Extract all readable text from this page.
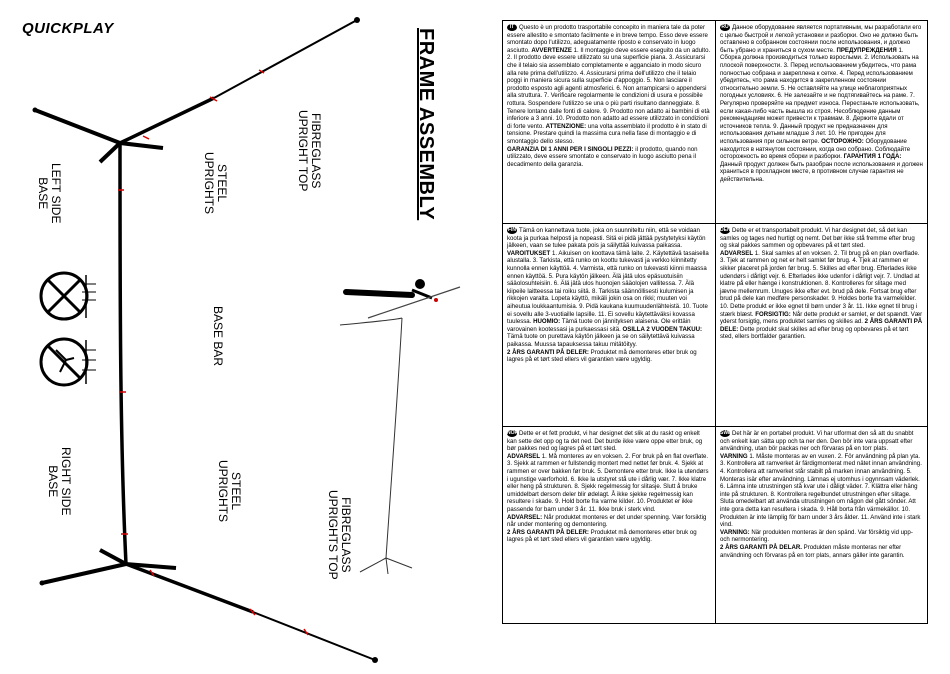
QUICKPLAY	FRAME ASSEMBLY
FIBREGLASS
UPRIGHT TOP
STEEL
UPRIGHTS
LEFT SIDE
BASE
BASE BAR
RIGHT SIDE
BASE	STEEL
UPRIGHTS
FIBREGLASS
UPRIGHTS TOP
IT Questo è un prodotto trasportabile concepito in maniera tale da poter essere allestito e smontato facilmente e in breve tempo. Esso deve essere smontato dopo l'utilizzo, adeguatamente riposto e conservato in luogo asciutto. AVVERTENZE 1. Il montaggio deve essere eseguito da un adulto. 2. Il prodotto deve essere utilizzato su una superficie piana. 3. Assicurarsi che il telaio sia assemblato completamente e agganciato in modo sicuro alla rete prima dell'utilizzo. 4. Assicurarsi prima dell'utilizzo che il telaio poggi in maniera sicura sulla superficie d'appoggio. 5. Non lasciare il prodotto esposto agli agenti atmosferici. 6. Non arrampicarsi o appendersi alla struttura. 7. Verificare regolarmente le condizioni di usura e possibile rottura. Sospendere l'utilizzo se una o più parti risultano danneggiate. 8. Tenere lontano dalle fonti di calore. 9. Prodotto non adatto ai bambini di età inferiore a 3 anni. 10. Prodotto non adatto ad essere utilizzato in condizioni di forte vento. ATTENZIONE: una volta assemblato il prodotto è in stato di tensione. Prestare quindi la massima cura nella fase di montaggio e di smontaggio dello stesso.
GARANZIA DI 1 ANNI PER I SINGOLI PEZZI: il prodotto, quando non utilizzato, deve essere smontato e conservato in luogo asciutto pena il decadimento della garanzia.
RU Данное оборудование является портативным, мы разработали его с целью быстрой и легкой установки и разборки. Оно не должно быть оставлено в собранном состоянии после использования, и должно быть убрано и храниться в сухом месте. ПРЕДУПРЕЖДЕНИЯ 1. Сборка должна производиться только взрослыми. 2. Использовать на плоской поверхности. 3. Перед использованием убедитесь, что рама полностью собрана и закреплена к сетке. 4. Перед использованием убедитесь, что рама находится в закрепленном состоянии относительно земли. 5. Не оставляйте на улице неблагоприятных погодных условиях. 6. Не залезайте и не подтягивайтесь на раме. 7. Регулярно проверяйте на предмет износа. Перестаньте использовать, если какая-либо часть вышла из строя. Несоблюдение данным рекомендациям может привести к травмам. 8. Держите вдали от источников тепла. 9. Данный продукт не предназначен для использования детьми младше 3 лет. 10. Не пригоден для использования при сильном ветре. ОСТОРОЖНО: Оборудование находится в натянутом состоянии, когда оно собрано. Соблюдайте осторожность во время сборки и разборки. ГАРАНТИЯ 1 ГОДА: Данный продукт должен быть разобран после использования и должен храниться в прохладном месте, в противном случае гарантия не действительна.
FIN Tämä on kannettava tuote, joka on suunniteltu niin, että se voidaan koota ja purkaa helposti ja nopeasti. Sitä ei pidä jättää pystytetyksi käytön jälkeen, vaan se tulee pakata pois ja säilyttää kuivassa paikassa.
VAROITUKSET 1. Aikuisen on koottava tämä laite. 2. Käytettävä tasaisella alustalla. 3. Tarkista, että runko on koottu tukevasti ja verkko kiinnitetty kunnolla ennen käyttöä. 4. Varmista, että runko on tukevasti kiinni maassa ennen käyttöä. 5. Pura käytön jälkeen. Älä jätä ulos epäsuotuisiin sääolosuhteisiin. 6. Älä jätä ulos huonojen sääolojen vallitessa. 7. Älä kiipeile laitteessa tai roiku siitä. 8. Tarkista säännöllisesti kulumisen ja rikkojen varalta. Lopeta käyttö, mikäli jokin osa on rikki; muuten voi aiheutua loukkaantumisia. 9. Pidä kaukana kuumuudenlähteistä. 10. Tuote ei sovellu alle 3-vuotiaille lapsille. 11. Ei sovellu käytettäväksi kovassa tuulessa. HUOMIO: Tämä tuote on jännityksen alaisena. Ole erittäin varovainen kootessasi ja purkaessasi sitä. OSILLA 2 VUODEN TAKUU: Tämä tuote on purettava käytön jälkeen ja se on säilytettävä kuivassa paikassa. Muussa tapauksessa takuu mitätöityy.
2 ÅRS GARANTI PÅ DELER: Produktet må demonteres etter bruk og lagres på et tørt sted ellers vil garantien være ugyldig.
DENDette er et transportabelt produkt. Vi har designet det, så det kan samles og tages ned hurtigt og nemt. Det bør ikke stå fremme efter brug og skal pakkes sammen og opbevares på et tørt sted.
ADVARSEL 1. Skal samles af en voksen. 2. Til brug på en plan overflade. 3. Tjek at rammen og net er helt samlet før brug. 4. Tjek at rammen er sikker placeret på jorden før brug. 5. Skilles ad efter brug. Efterlades ikke udendørs i dårligt vejr. 6. Efterlades ikke udenfor i dårligt vejr. 7. Undlad at klatre på eller hænge i konstruktionen. 8. Kontrolleres for slitage med jævne mellemrum. Unuges ikke efter evt. brud på dele. Fortsat brug efter brud på dele kan medføre personskader. 9. Holdes borte fra varmekilder. 10. Dette produkt er ikke egnet til børn under 3 år. 11. Ikke egnet til brug i stærk blæst. FORSIGTIG: Når dette produkt er samlet, er det spændt. Vær yderst forsigtig, mens produktet samles og skilles ad. 2 ÅRS GARANTI PÅ DELE: Dette produkt skal skilles ad efter brug og opbevares på et tørt sted, ellers bortfalder garantien.
NORDette er et fett produkt, vi har designet det slik at du raskt og enkelt kan sette det opp og ta det ned. Det burde ikke være oppe etter bruk, og bør pakkes ned og lagres på et tørt sted.
ADVARSEL 1. Må monteres av en voksen. 2. For bruk på en flat overflate. 3. Sjekk at rammen er fullstendig montert med nettet før bruk. 4. Sjekk at rammen er over bakken før bruk. 5. Demontere etter bruk. Ikke la utendørs i ugunstige værforhold. 6. Ikke la utstyret stå ute i dårlig vær. 7. Ikke klatre eller heng på strukturen. 8. Sjekk regelmessig for slitasje. Slutt å bruke umiddelbart dersom deler blir ødelagt. Å ikke sjekke regelmessig kan resultere i skade. 9. Hold borte fra varme kilder. 10. Produktet er ikke passende for barn under 3 år. 11. Ikke bruk i sterk vind.
ADVARSEL: Når produktet monteres er det under spenning. Vær forsiktig når under montering og demontering.
2 ÅRS GARANTI PÅ DELER: Produktet må demonteres etter bruk og lagres på et tørt sted ellers vil garantien være ugyldig.
SWEDet här är en portabel produkt. Vi har utformat den så att du snabbt och enkelt kan sätta upp och ta ner den. Den bör inte vara uppsatt efter användning, utan bör packas ner och förvaras på en torr plats.
VARNING 1. Måste monteras av en vuxen. 2. För användning på plan yta. 3. Kontrollera att ramverket är färdigmonterat med nätet innan användning. 4. Kontrollera att ramverket står stabilt på marken innan användning. 5. Monteras isär efter användning. Lämnas ej utomhus i ogynnsam väderlek. 6. Lämna inte utrustningen stå kvar ute i dåligt väder. 7. Klättra eller häng inte på strukturen. 8. Kontrollera regelbundet utrustningen efter slitage. Sluta omedelbart att använda utrustningen om någon del gått sönder. Att inte gora detta kan resultera i skada. 9. Håll borta från värmekällor. 10. Produkten är inte lämplig för barn under 3 års ålder. 11. Använd inte i stark vind.
VARNING: När produkten monteras är den spänd. Var försiktig vid upp- och nermontering.
2 ÅRS GARANTI PÅ DELAR. Produkten måste monteras ner efter användning och förvaras på en torr plats, annars gäller inte garantin.
